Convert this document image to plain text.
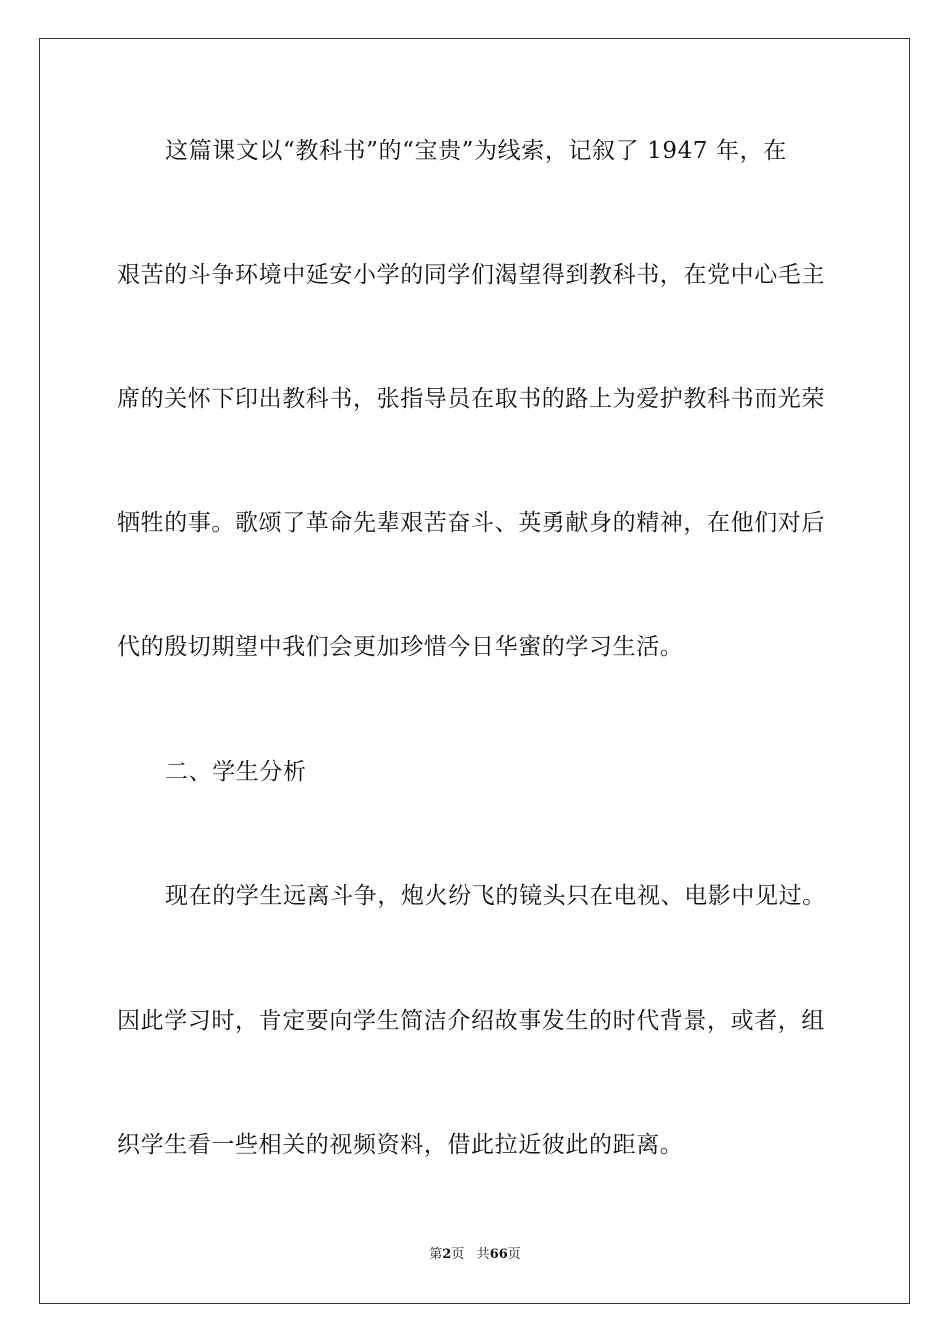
这篇课文以“教科书”的“宝贵”为线索，记叙了 1947 年，在
艰苦的斗争环境中延安小学的同学们渴望得到教科书，在党中心毛主
席的关怀下印出教科书，张指导员在取书的路上为爱护教科书而光荣
牺牲的事。歌颂了革命先辈艰苦奋斗、英勇献身的精神，在他们对后
代的殷切期望中我们会更加珍惜今日华蜜的学习生活。
二、学生分析
现在的学生远离斗争，炮火纷飞的镜头只在电视、电影中见过。
因此学习时，肯定要向学生简洁介绍故事发生的时代背景，或者，组
织学生看一些相关的视频资料，借此拉近彼此的距离。
第2页 共66页
